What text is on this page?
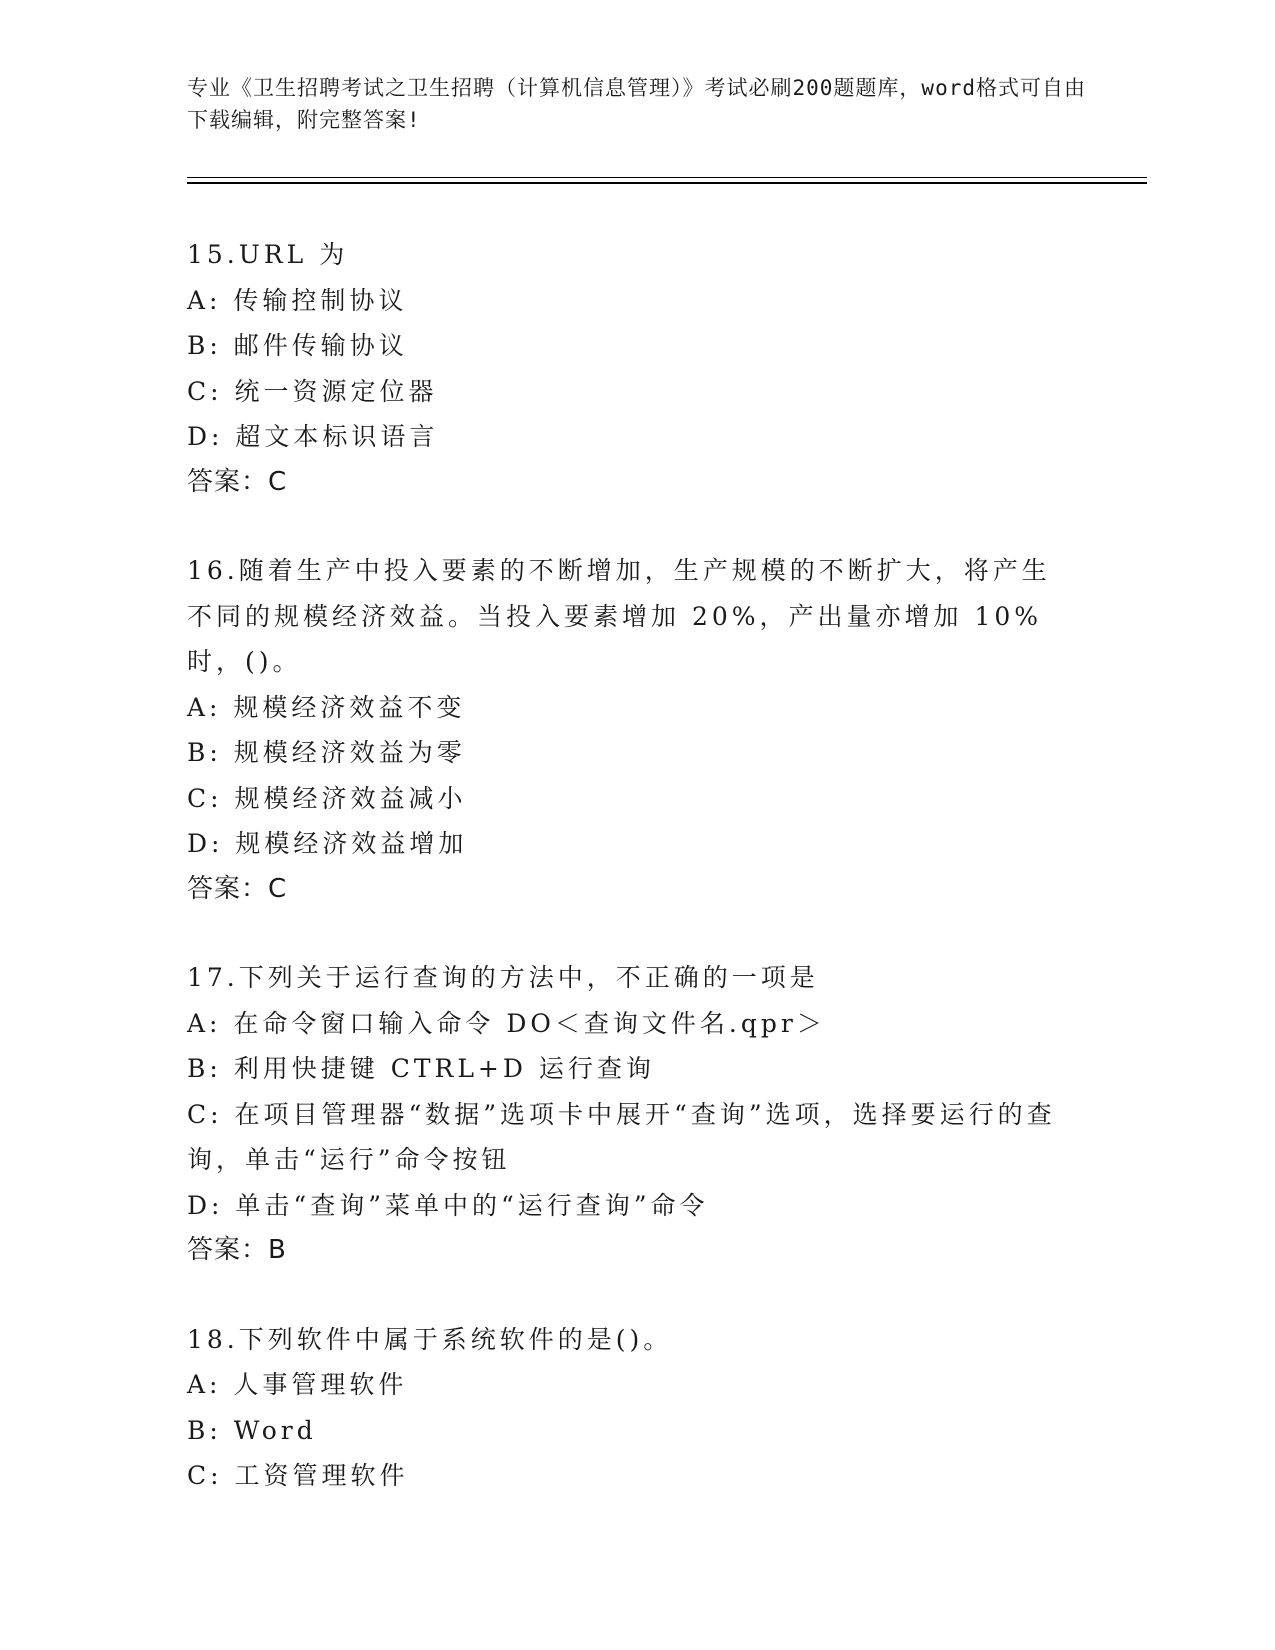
专业《卫生招聘考试之卫生招聘（计算机信息管理）》考试必刷200题题库，word格式可自由下载编辑，附完整答案!
15.URL 为
A: 传输控制协议
B: 邮件传输协议
C: 统一资源定位器
D: 超文本标识语言
答案：C
16.随着生产中投入要素的不断增加，生产规模的不断扩大，将产生不同的规模经济效益。当投入要素增加 20%，产出量亦增加 10%时，()。
A: 规模经济效益不变
B: 规模经济效益为零
C: 规模经济效益减小
D: 规模经济效益增加
答案：C
17.下列关于运行查询的方法中，不正确的一项是
A: 在命令窗口输入命令 DO＜查询文件名.qpr＞
B: 利用快捷键 CTRL+D 运行查询
C: 在项目管理器“数据”选项卡中展开“查询”选项，选择要运行的查询，单击“运行”命令按钮
D: 单击“查询”菜单中的“运行查询”命令
答案：B
18.下列软件中属于系统软件的是()。
A: 人事管理软件
B: Word
C: 工资管理软件
